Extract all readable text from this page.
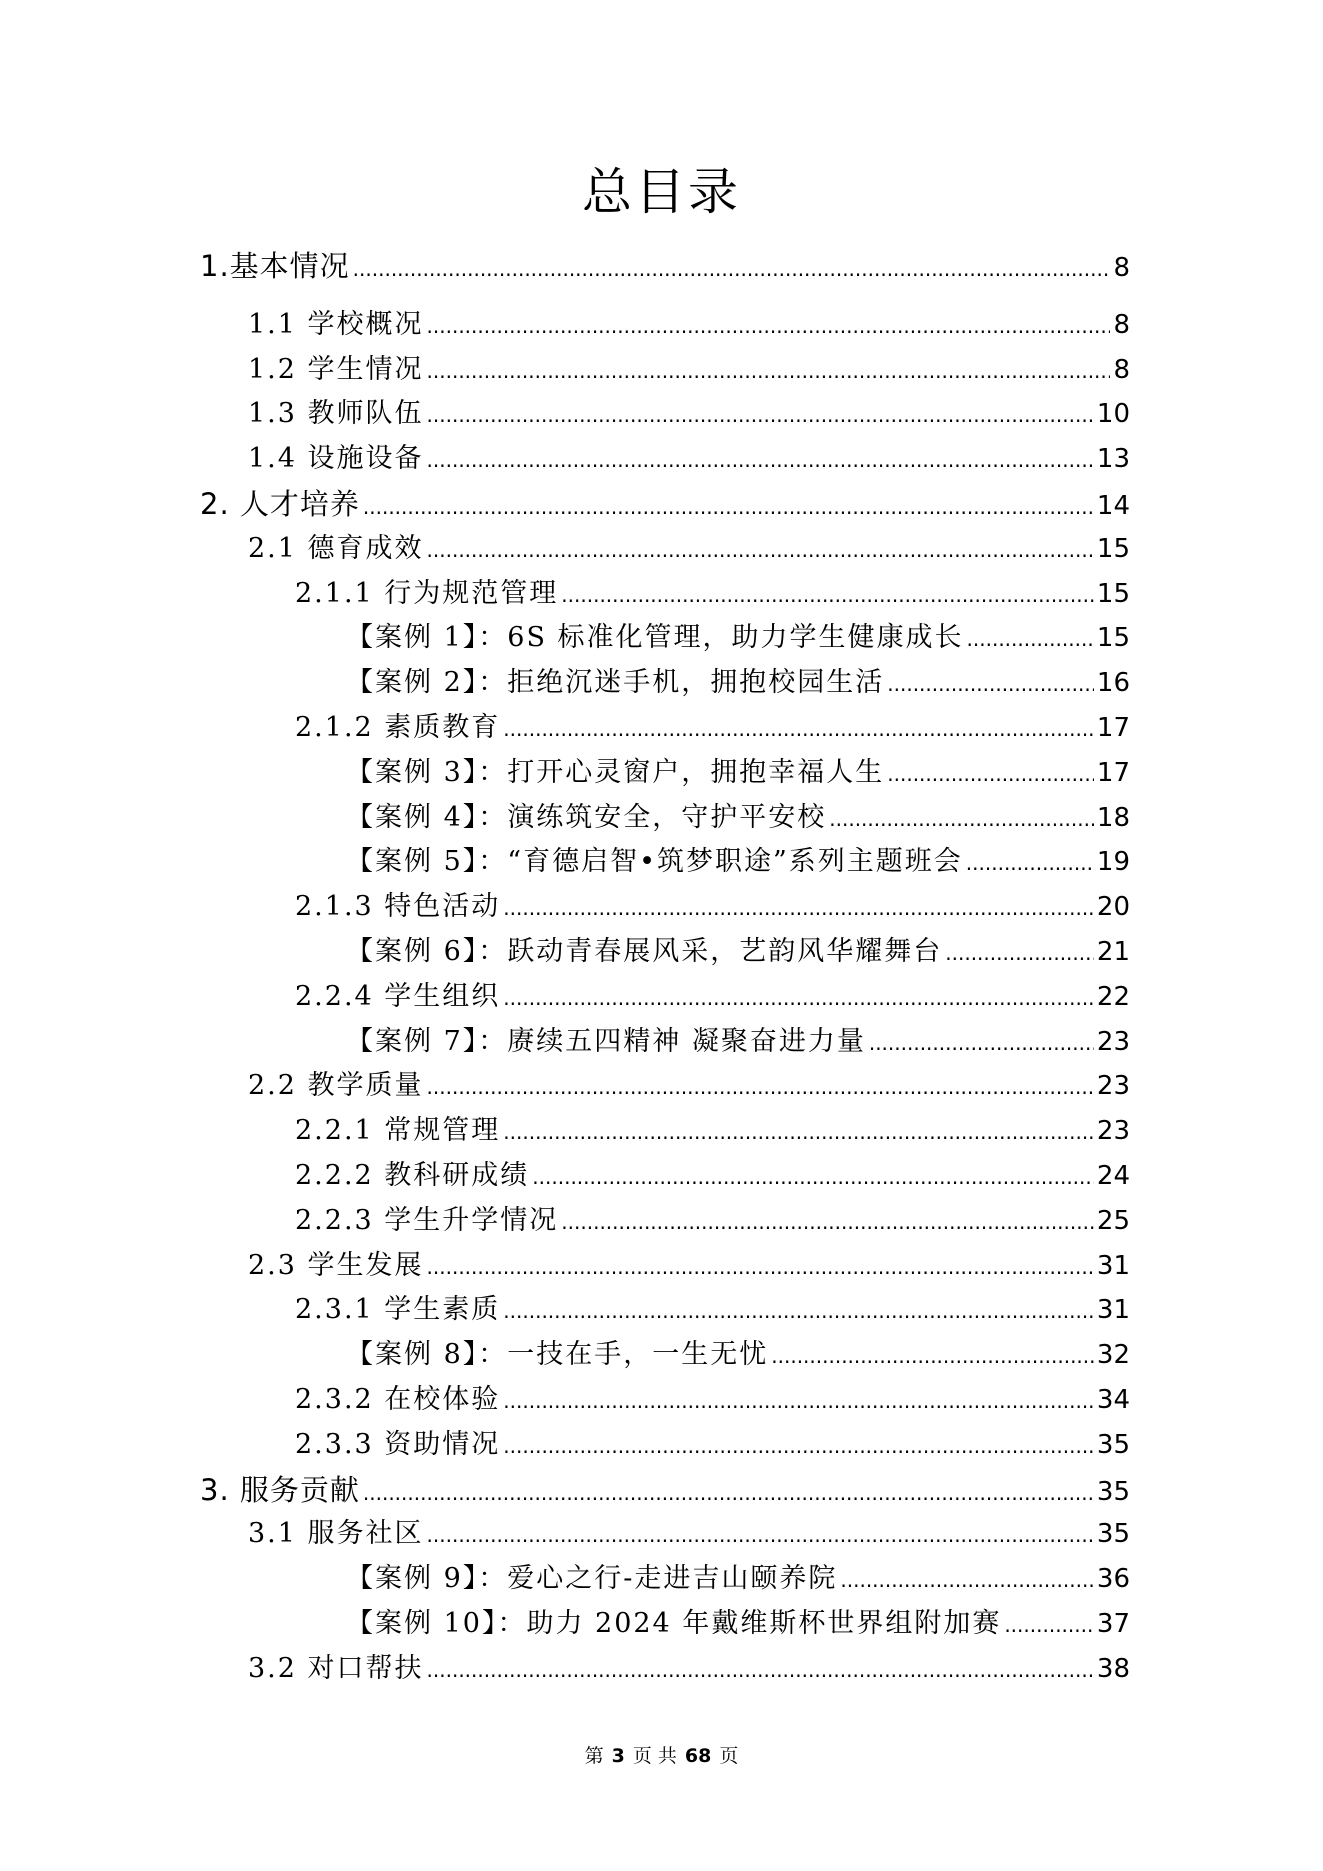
总目录
1.基本情况 .....	8
1.1 学校概况 .....	8
1.2 学生情况 .....	8
1.3 教师队伍 .....	10
1.4 设施设备 .....	13
2. 人才培养 .....	14
2.1 德育成效 .....	15
2.1.1 行为规范管理 .....	15
【案例 1】：6S 标准化管理，助力学生健康成长 .....	15
【案例 2】：拒绝沉迷手机，拥抱校园生活 .....	16
2.1.2 素质教育 .....	17
【案例 3】：打开心灵窗户，拥抱幸福人生 .....	17
【案例 4】：演练筑安全，守护平安校 .....	18
【案例 5】：“育德启智•筑梦职途”系列主题班会 .....	19
2.1.3 特色活动 .....	20
【案例 6】：跃动青春展风采，艺韵风华耀舞台 .....	21
2.2.4 学生组织 .....	22
【案例 7】：赓续五四精神 凝聚奋进力量 .....	23
2.2 教学质量 .....	23
2.2.1 常规管理 .....	23
2.2.2 教科研成绩 .....	24
2.2.3 学生升学情况 .....	25
2.3 学生发展 .....	31
2.3.1 学生素质 .....	31
【案例 8】：一技在手，一生无忧 .....	32
2.3.2 在校体验 .....	34
2.3.3 资助情况 .....	35
3. 服务贡献 .....	35
3.1 服务社区 .....	35
【案例 9】：爱心之行-走进吉山颐养院 .....	36
【案例 10】：助力 2024 年戴维斯杯世界组附加赛 .....	37
3.2 对口帮扶 .....	38
第 3 页 共 68 页
